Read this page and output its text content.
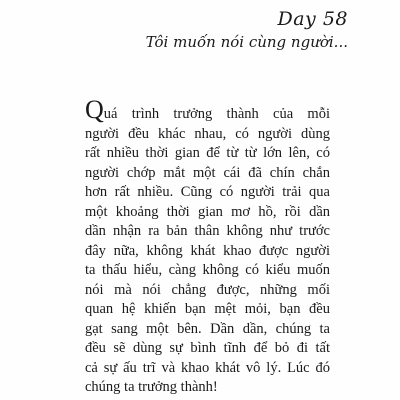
Day 58
Tôi muốn nói cùng người...
Quá trình trưởng thành của mỗi
người đều khác nhau, có người dùng
rất nhiều thời gian để từ từ lớn lên, có
người chớp mắt một cái đã chín chắn
hơn rất nhiều. Cũng có người trải qua
một khoảng thời gian mơ hồ, rồi dần
dần nhận ra bản thân không như trước
đây nữa, không khát khao được người
ta thấu hiểu, càng không có kiểu muốn
nói mà nói chẳng được, những mối
quan hệ khiến bạn mệt mỏi, bạn đều
gạt sang một bên. Dần dần, chúng ta
đều sẽ dùng sự bình tĩnh để bỏ đi tất
cả sự ấu trĩ và khao khát vô lý. Lúc đó
chúng ta trưởng thành!
